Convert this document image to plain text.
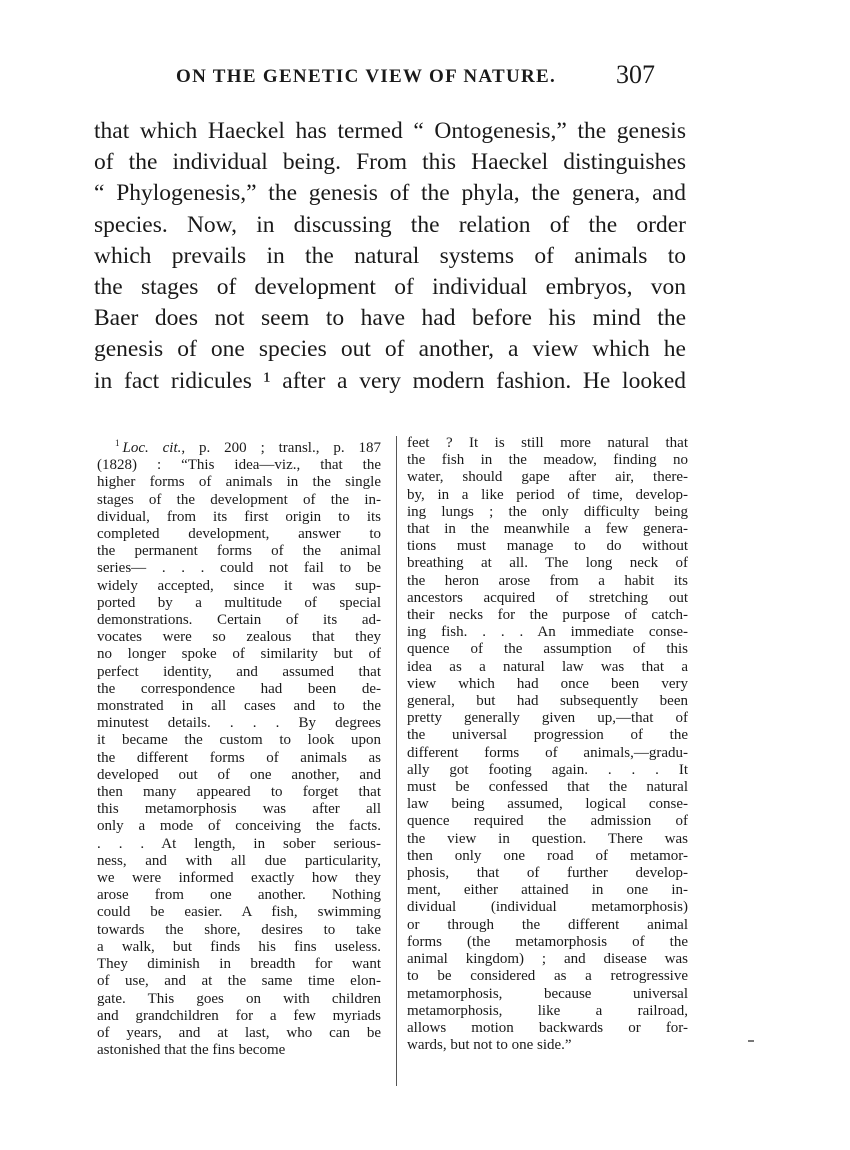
ON THE GENETIC VIEW OF NATURE. 307
that which Haeckel has termed “ Ontogenesis,” the genesis
of the individual being. From this Haeckel distinguishes
“ Phylogenesis,” the genesis of the phyla, the genera, and
species. Now, in discussing the relation of the order
which prevails in the natural systems of animals to
the stages of development of individual embryos, von
Baer does not seem to have had before his mind the
genesis of one species out of another, a view which he
in fact ridicules ¹ after a very modern fashion. He looked
$^1$ Loc. cit., p. 200 ; transl., p. 187
(1828) : “This idea—viz., that the
higher forms of animals in the single
stages of the development of the in-
dividual, from its first origin to its
completed development, answer to
the permanent forms of the animal
series— . . . could not fail to be
widely accepted, since it was sup-
ported by a multitude of special
demonstrations. Certain of its ad-
vocates were so zealous that they
no longer spoke of similarity but of
perfect identity, and assumed that
the correspondence had been de-
monstrated in all cases and to the
minutest details. . . . By degrees
it became the custom to look upon
the different forms of animals as
developed out of one another, and
then many appeared to forget that
this metamorphosis was after all
only a mode of conceiving the facts.
. . . At length, in sober serious-
ness, and with all due particularity,
we were informed exactly how they
arose from one another. Nothing
could be easier. A fish, swimming
towards the shore, desires to take
a walk, but finds his fins useless.
They diminish in breadth for want
of use, and at the same time elon-
gate. This goes on with children
and grandchildren for a few myriads
of years, and at last, who can be
astonished that the fins become
feet ? It is still more natural that
the fish in the meadow, finding no
water, should gape after air, there-
by, in a like period of time, develop-
ing lungs ; the only difficulty being
that in the meanwhile a few genera-
tions must manage to do without
breathing at all. The long neck of
the heron arose from a habit its
ancestors acquired of stretching out
their necks for the purpose of catch-
ing fish. . . . An immediate conse-
quence of the assumption of this
idea as a natural law was that a
view which had once been very
general, but had subsequently been
pretty generally given up,—that of
the universal progression of the
different forms of animals,—gradu-
ally got footing again. . . . It
must be confessed that the natural
law being assumed, logical conse-
quence required the admission of
the view in question. There was
then only one road of metamor-
phosis, that of further develop-
ment, either attained in one in-
dividual (individual metamorphosis)
or through the different animal
forms (the metamorphosis of the
animal kingdom) ; and disease was
to be considered as a retrogressive
metamorphosis, because universal
metamorphosis, like a railroad,
allows motion backwards or for-
wards, but not to one side.”
